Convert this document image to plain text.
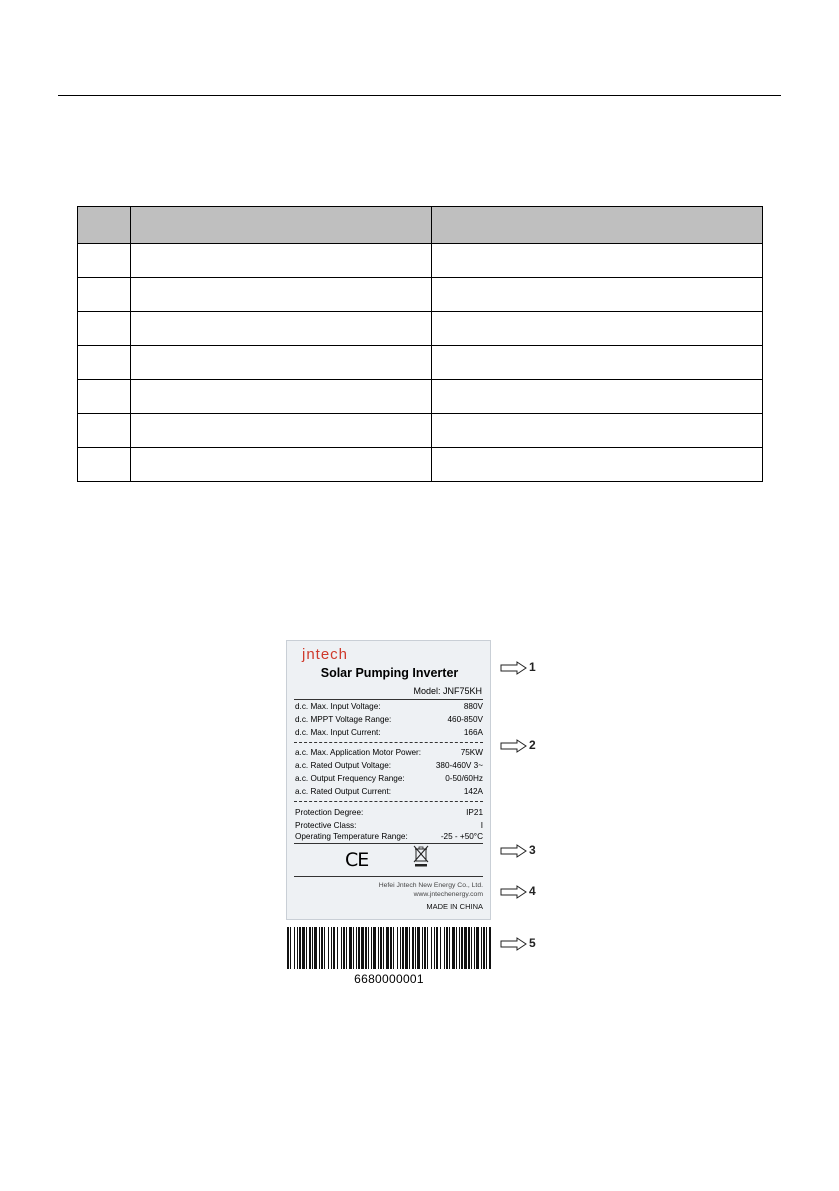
jntech
Solar Pumping Inverter
Model: JNF75KH
d.c. Max. Input Voltage:	880V
d.c. MPPT Voltage Range:	460-850V
d.c. Max. Input Current:	166A
a.c. Max. Application Motor Power:	75KW
a.c. Rated Output Voltage:	380-460V 3~
a.c. Output Frequency Range:	0-50/60Hz
a.c. Rated Output Current:	142A
Protection Degree:	IP21
Protective Class:	I
Operating Temperature Range:	-25 - +50°C
CE
Hefei Jntech New Energy Co., Ltd.
www.jntechenergy.com
MADE IN CHINA
6680000001
1
2
3
4
5
